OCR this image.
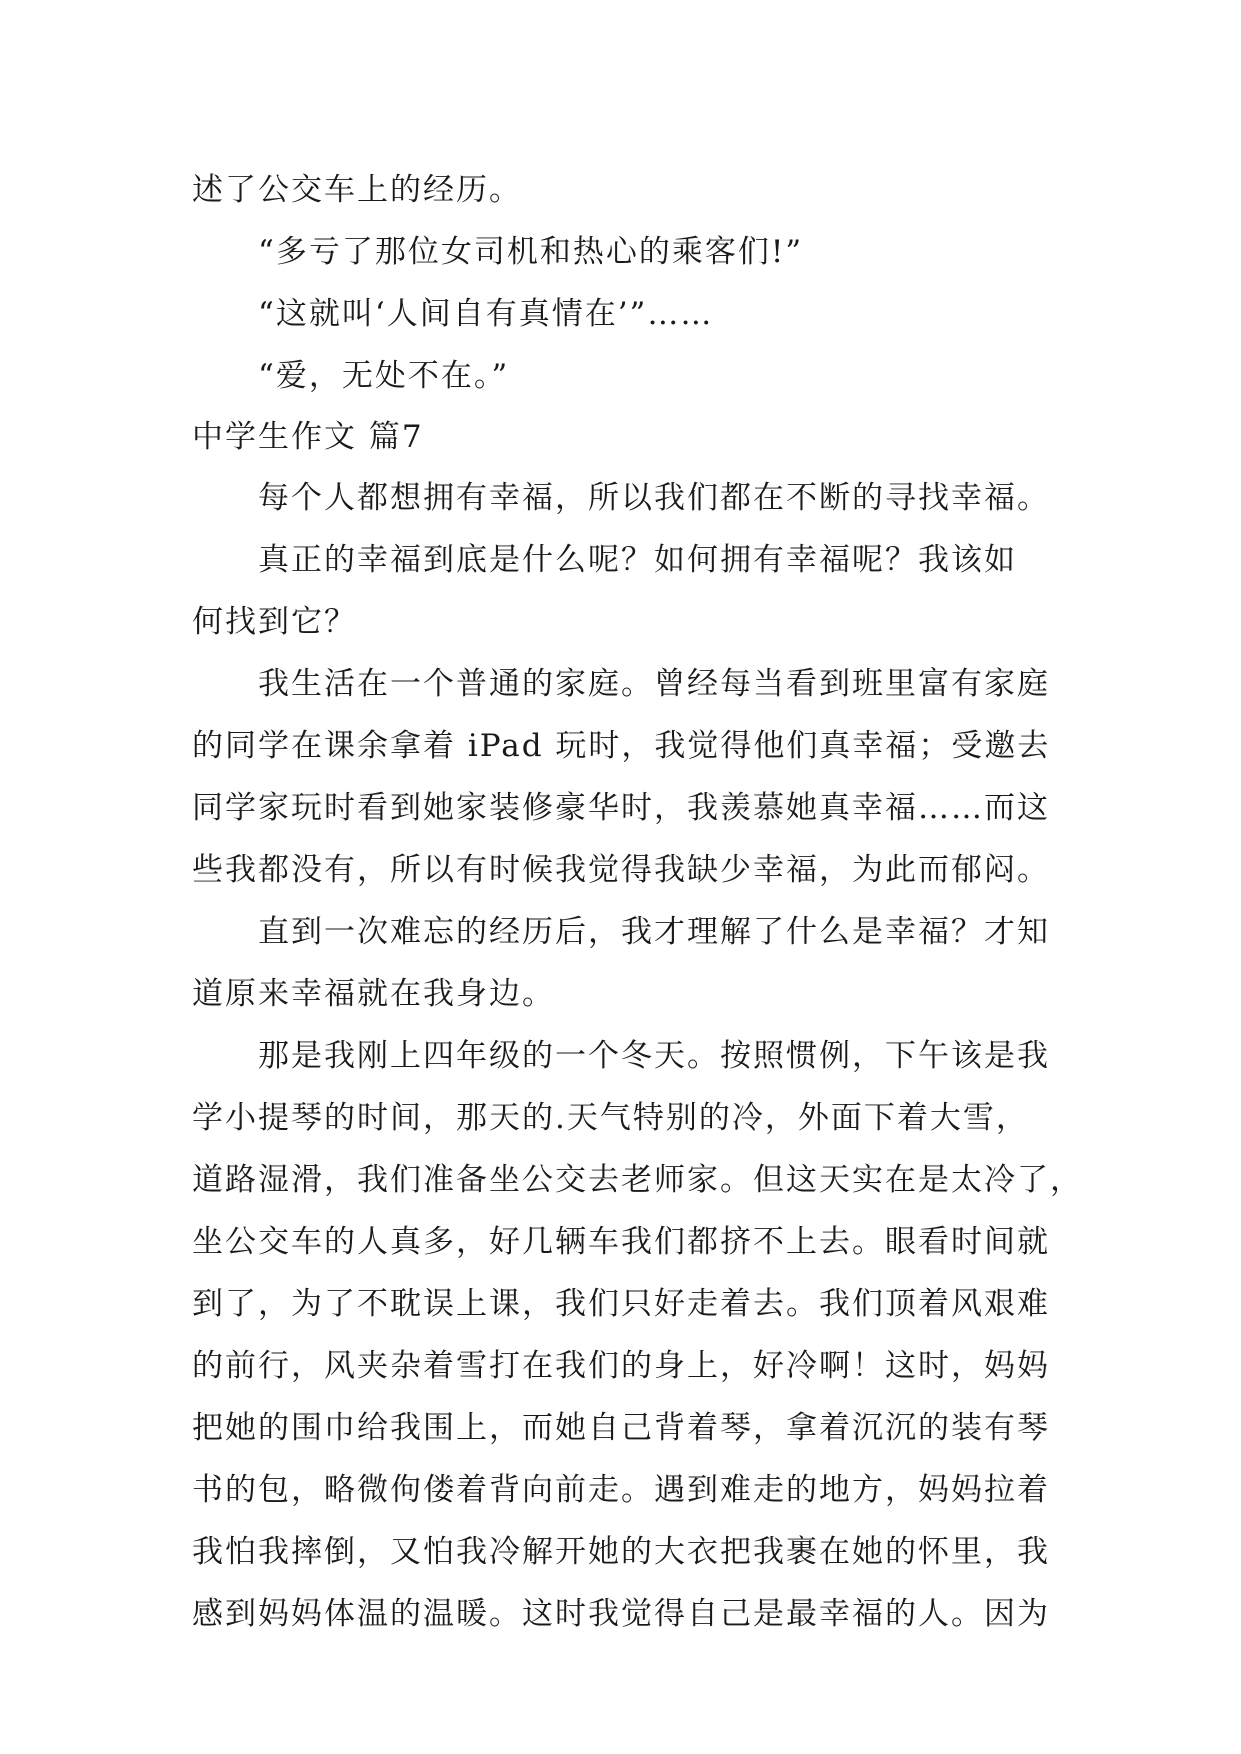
述了公交车上的经历。
“多亏了那位女司机和热心的乘客们!”
“这就叫‘人间自有真情在’”……
“爱，无处不在。”
中学生作文 篇7
每个人都想拥有幸福，所以我们都在不断的寻找幸福。
真正的幸福到底是什么呢？如何拥有幸福呢？我该如
何找到它？
我生活在一个普通的家庭。曾经每当看到班里富有家庭
的同学在课余拿着 iPad 玩时，我觉得他们真幸福；受邀去
同学家玩时看到她家装修豪华时，我羡慕她真幸福……而这
些我都没有，所以有时候我觉得我缺少幸福，为此而郁闷。
直到一次难忘的经历后，我才理解了什么是幸福？才知
道原来幸福就在我身边。
那是我刚上四年级的一个冬天。按照惯例，下午该是我
学小提琴的时间，那天的.天气特别的冷，外面下着大雪，
道路湿滑，我们准备坐公交去老师家。但这天实在是太冷了，
坐公交车的人真多，好几辆车我们都挤不上去。眼看时间就
到了，为了不耽误上课，我们只好走着去。我们顶着风艰难
的前行，风夹杂着雪打在我们的身上，好冷啊！这时，妈妈
把她的围巾给我围上，而她自己背着琴，拿着沉沉的装有琴
书的包，略微佝偻着背向前走。遇到难走的地方，妈妈拉着
我怕我摔倒，又怕我冷解开她的大衣把我裹在她的怀里，我
感到妈妈体温的温暖。这时我觉得自己是最幸福的人。因为
